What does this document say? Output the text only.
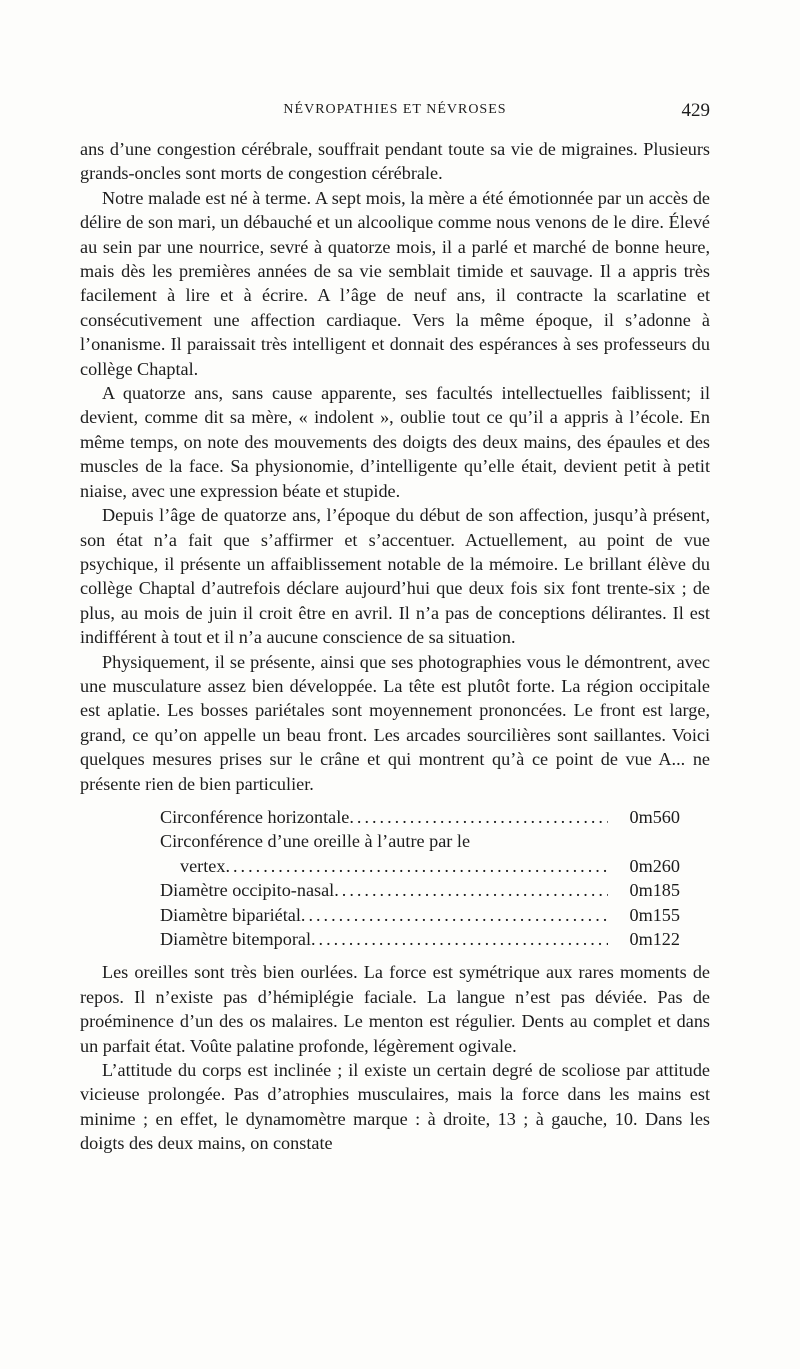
NÉVROPATHIES ET NÉVROSES	429

ans d’une congestion cérébrale, souffrait pendant toute sa vie de migraines. Plusieurs grands-oncles sont morts de congestion cérébrale.

Notre malade est né à terme. A sept mois, la mère a été émotionnée par un accès de délire de son mari, un débauché et un alcoolique comme nous venons de le dire. Élevé au sein par une nourrice, sevré à quatorze mois, il a parlé et marché de bonne heure, mais dès les premières années de sa vie semblait timide et sauvage. Il a appris très facilement à lire et à écrire. A l’âge de neuf ans, il contracte la scarlatine et consécutivement une affection cardiaque. Vers la même époque, il s’adonne à l’onanisme. Il paraissait très intelligent et donnait des espérances à ses professeurs du collège Chaptal.

A quatorze ans, sans cause apparente, ses facultés intellectuelles faiblissent; il devient, comme dit sa mère, « indolent », oublie tout ce qu’il a appris à l’école. En même temps, on note des mouvements des doigts des deux mains, des épaules et des muscles de la face. Sa physionomie, d’intelligente qu’elle était, devient petit à petit niaise, avec une expression béate et stupide.

Depuis l’âge de quatorze ans, l’époque du début de son affection, jusqu’à présent, son état n’a fait que s’affirmer et s’accentuer. Actuellement, au point de vue psychique, il présente un affaiblissement notable de la mémoire. Le brillant élève du collège Chaptal d’autrefois déclare aujourd’hui que deux fois six font trente-six ; de plus, au mois de juin il croit être en avril. Il n’a pas de conceptions délirantes. Il est indifférent à tout et il n’a aucune conscience de sa situation.

Physiquement, il se présente, ainsi que ses photographies vous le démontrent, avec une musculature assez bien développée. La tête est plutôt forte. La région occipitale est aplatie. Les bosses pariétales sont moyennement prononcées. Le front est large, grand, ce qu’on appelle un beau front. Les arcades sourcilières sont saillantes. Voici quelques mesures prises sur le crâne et qui montrent qu’à ce point de vue A... ne présente rien de bien particulier.

Circonférence horizontale .....	0m560
Circonférence d’une oreille à l’autre par le
vertex .....	0m260
Diamètre occipito-nasal .....	0m185
Diamètre bipariétal .....	0m155
Diamètre bitemporal .....	0m122

Les oreilles sont très bien ourlées. La force est symétrique aux rares moments de repos. Il n’existe pas d’hémiplégie faciale. La langue n’est pas déviée. Pas de proéminence d’un des os malaires. Le menton est régulier. Dents au complet et dans un parfait état. Voûte palatine profonde, légèrement ogivale.

L’attitude du corps est inclinée ; il existe un certain degré de scoliose par attitude vicieuse prolongée. Pas d’atrophies musculaires, mais la force dans les mains est minime ; en effet, le dynamomètre marque : à droite, 13 ; à gauche, 10. Dans les doigts des deux mains, on constate
